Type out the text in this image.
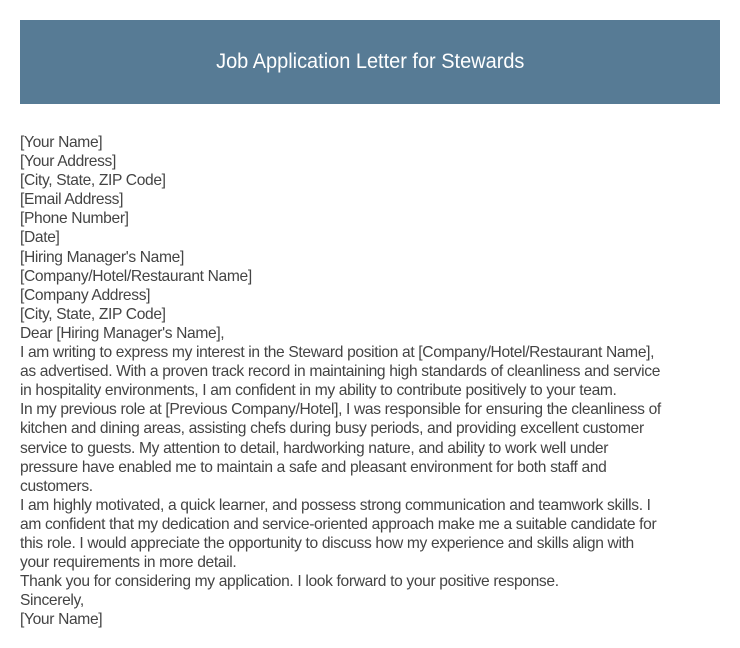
Job Application Letter for Stewards
[Your Name]
[Your Address]
[City, State, ZIP Code]
[Email Address]
[Phone Number]
[Date]
[Hiring Manager's Name]
[Company/Hotel/Restaurant Name]
[Company Address]
[City, State, ZIP Code]
Dear [Hiring Manager's Name],
I am writing to express my interest in the Steward position at [Company/Hotel/Restaurant Name],
as advertised. With a proven track record in maintaining high standards of cleanliness and service
in hospitality environments, I am confident in my ability to contribute positively to your team.
In my previous role at [Previous Company/Hotel], I was responsible for ensuring the cleanliness of
kitchen and dining areas, assisting chefs during busy periods, and providing excellent customer
service to guests. My attention to detail, hardworking nature, and ability to work well under
pressure have enabled me to maintain a safe and pleasant environment for both staff and
customers.
I am highly motivated, a quick learner, and possess strong communication and teamwork skills. I
am confident that my dedication and service-oriented approach make me a suitable candidate for
this role. I would appreciate the opportunity to discuss how my experience and skills align with
your requirements in more detail.
Thank you for considering my application. I look forward to your positive response.
Sincerely,
[Your Name]
